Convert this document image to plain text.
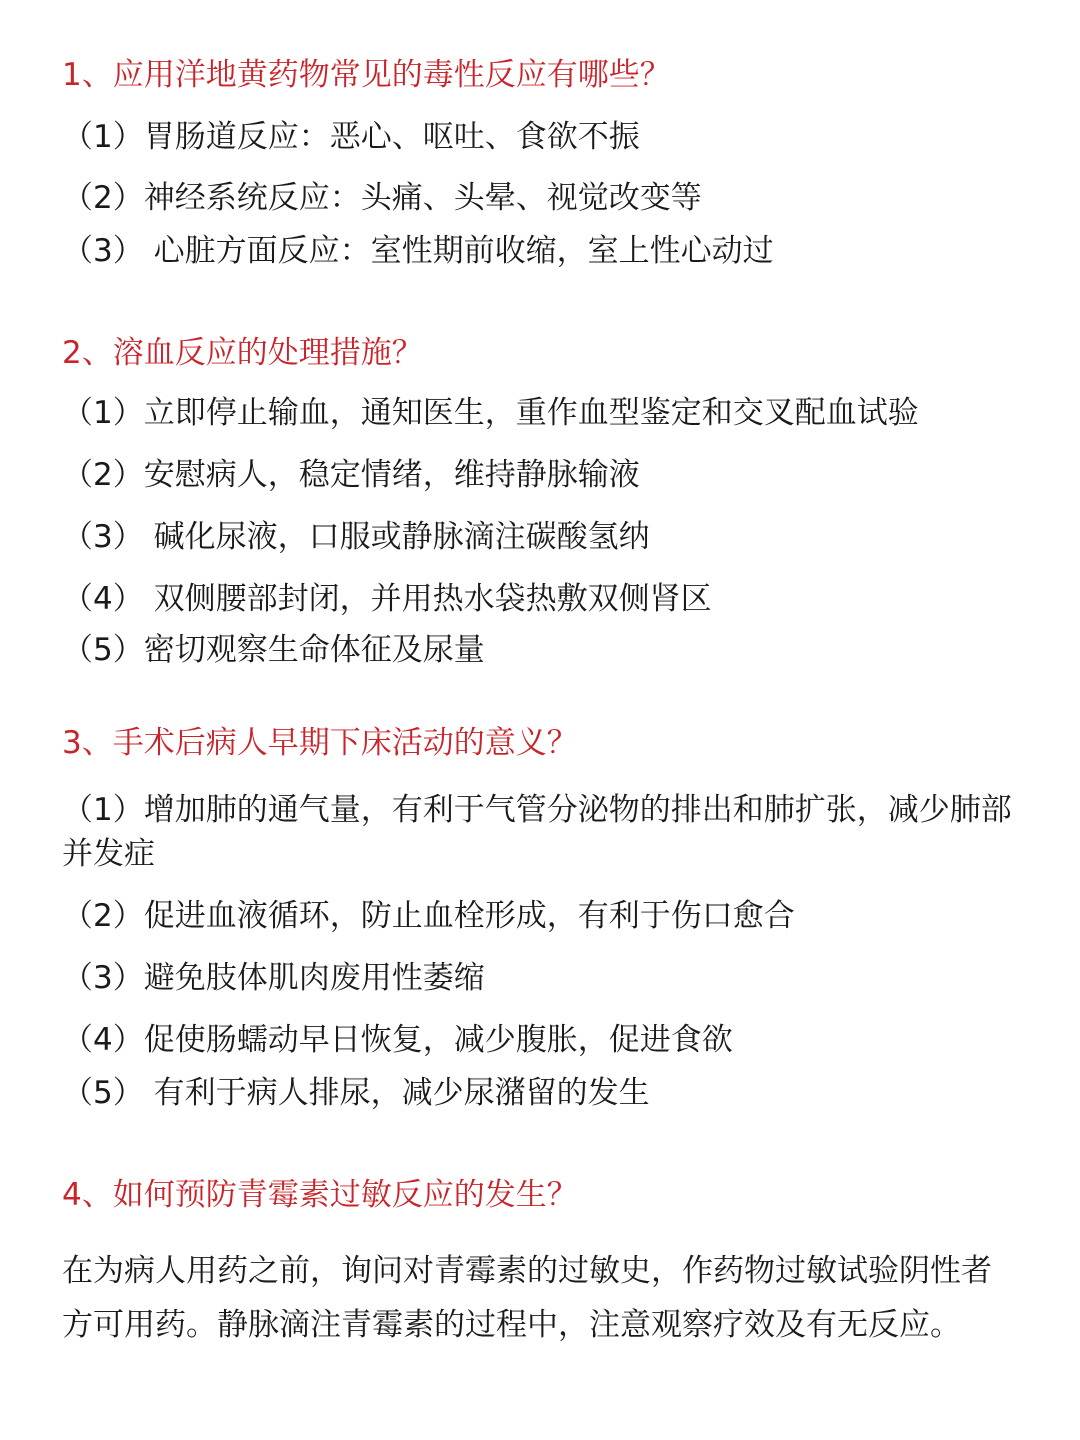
1、应用洋地黄药物常见的毒性反应有哪些？
（1）胃肠道反应：恶心、呕吐、食欲不振
（2）神经系统反应：头痛、头晕、视觉改变等
（3） 心脏方面反应：室性期前收缩，室上性心动过
2、溶血反应的处理措施？
（1）立即停止输血，通知医生，重作血型鉴定和交叉配血试验
（2）安慰病人，稳定情绪，维持静脉输液
（3） 碱化尿液，口服或静脉滴注碳酸氢纳
（4） 双侧腰部封闭，并用热水袋热敷双侧肾区
（5）密切观察生命体征及尿量
3、手术后病人早期下床活动的意义？
（1）增加肺的通气量，有利于气管分泌物的排出和肺扩张，减少肺部并发症
（2）促进血液循环，防止血栓形成，有利于伤口愈合
（3）避免肢体肌肉废用性萎缩
（4）促使肠蠕动早日恢复，减少腹胀，促进食欲
（5） 有利于病人排尿，减少尿潴留的发生
4、如何预防青霉素过敏反应的发生？
在为病人用药之前，询问对青霉素的过敏史，作药物过敏试验阴性者方可用药。静脉滴注青霉素的过程中，注意观察疗效及有无反应。
